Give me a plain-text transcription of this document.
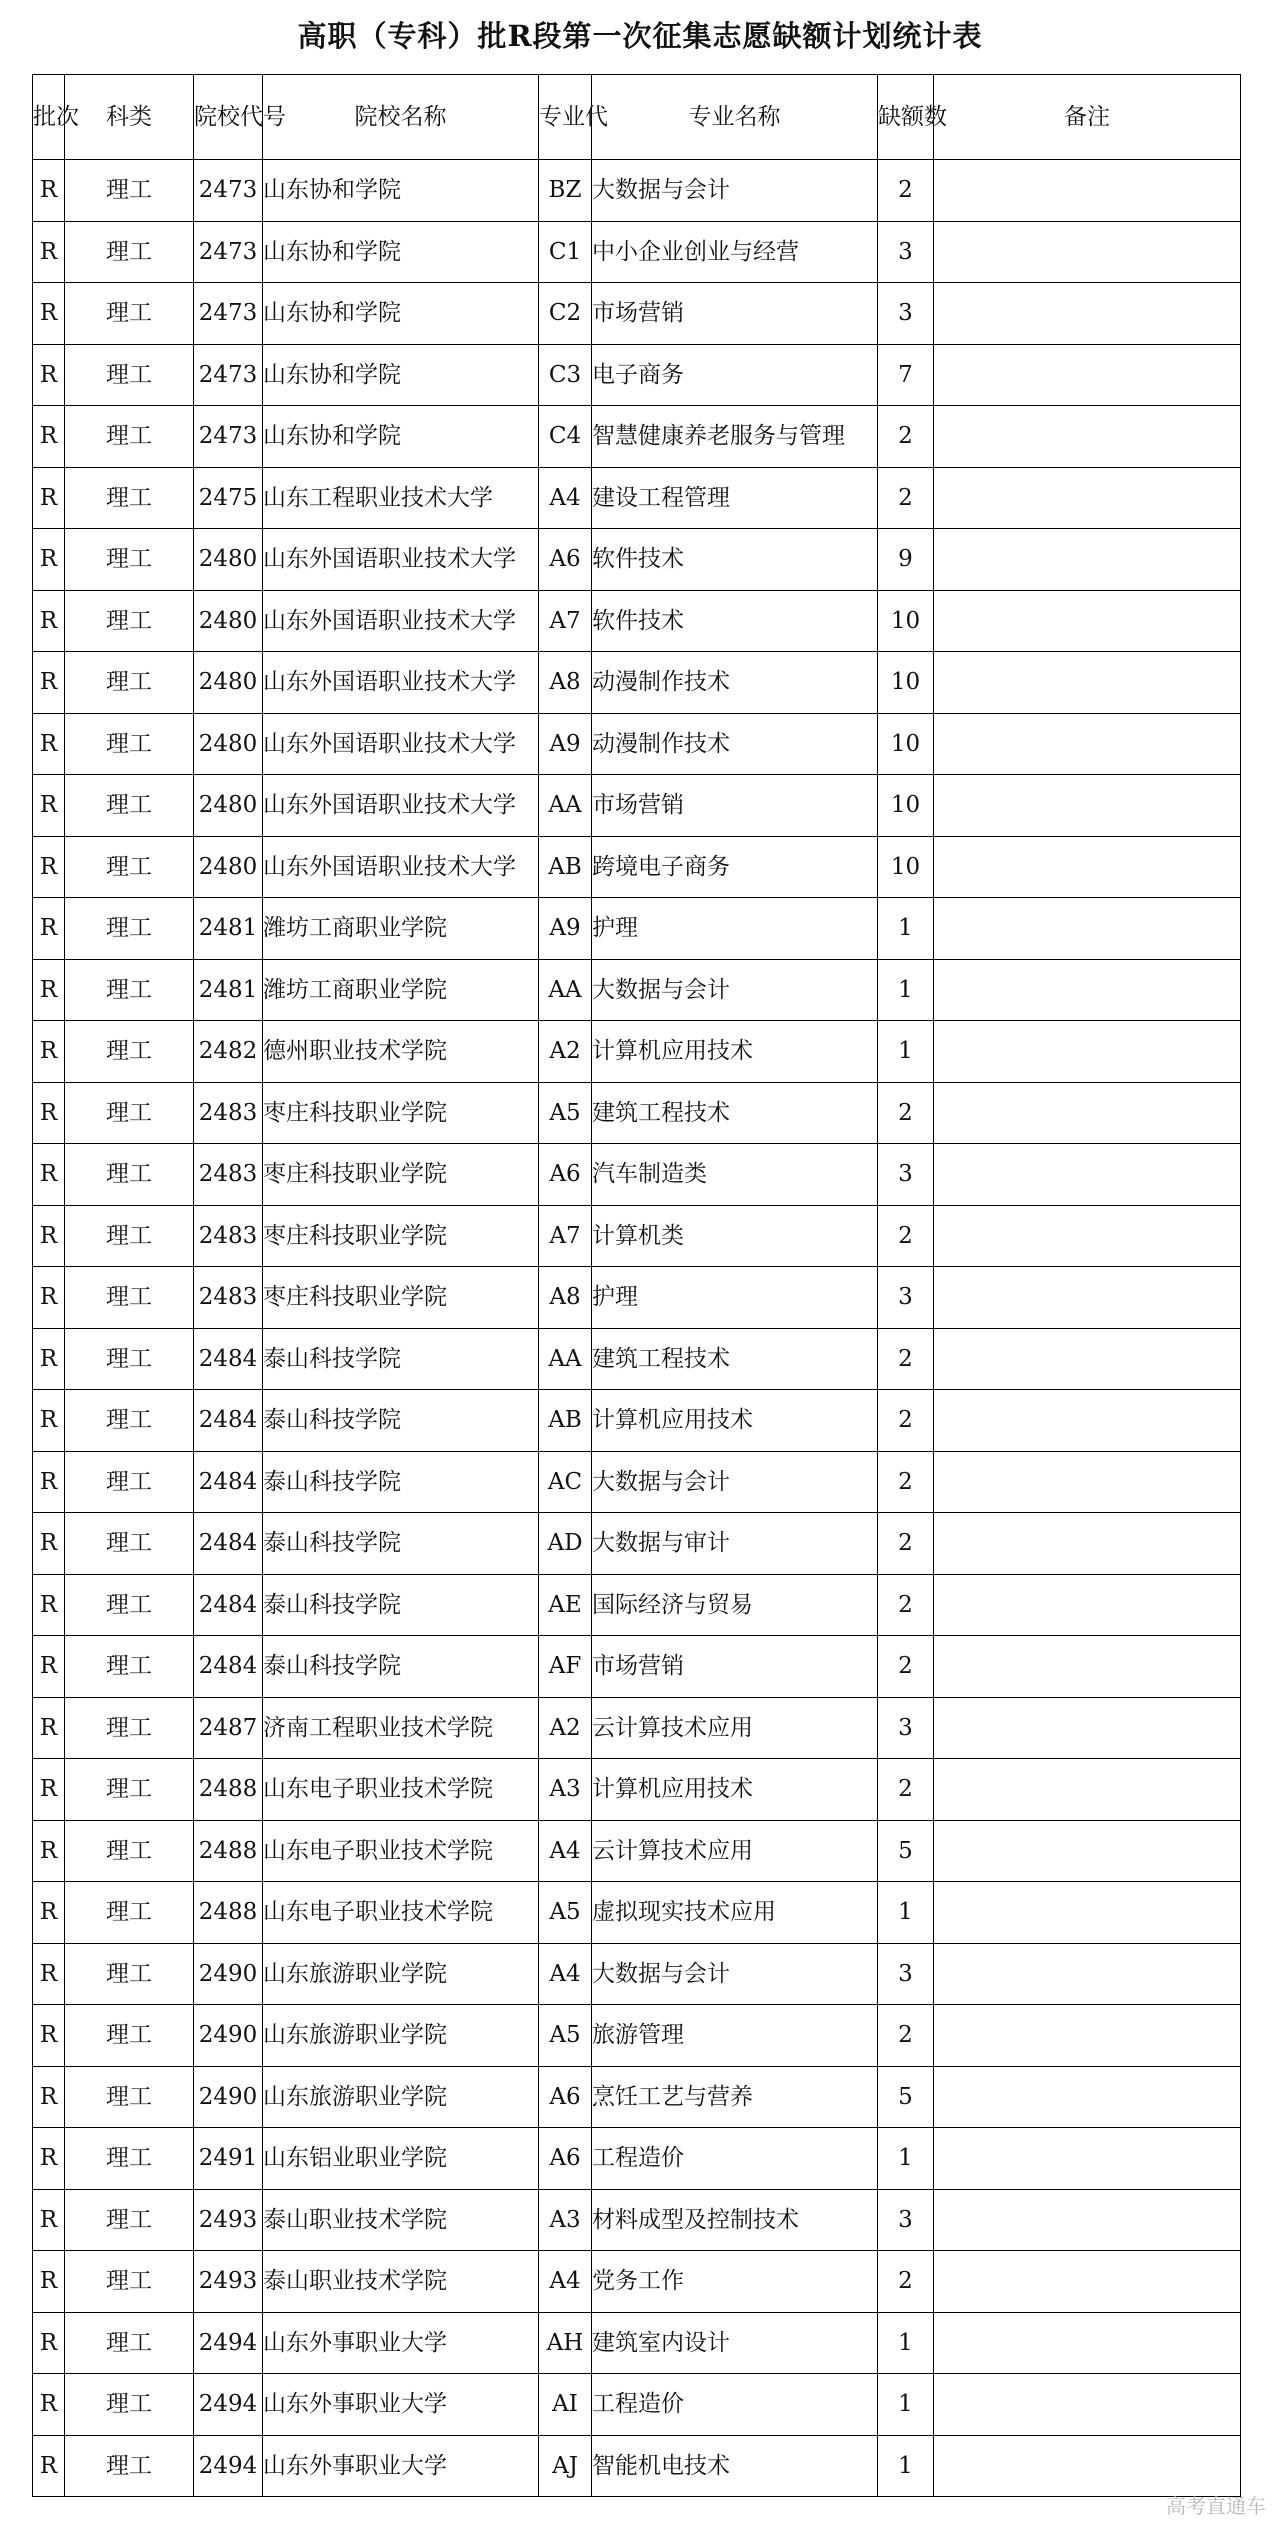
高职（专科）批R段第一次征集志愿缺额计划统计表
批次	科类	院校代号	院校名称	专业代	专业名称	缺额数	备注
R	理工	2473	山东协和学院	BZ	大数据与会计	2	
R	理工	2473	山东协和学院	C1	中小企业创业与经营	3	
R	理工	2473	山东协和学院	C2	市场营销	3	
R	理工	2473	山东协和学院	C3	电子商务	7	
R	理工	2473	山东协和学院	C4	智慧健康养老服务与管理	2	
R	理工	2475	山东工程职业技术大学	A4	建设工程管理	2	
R	理工	2480	山东外国语职业技术大学	A6	软件技术	9	
R	理工	2480	山东外国语职业技术大学	A7	软件技术	10	
R	理工	2480	山东外国语职业技术大学	A8	动漫制作技术	10	
R	理工	2480	山东外国语职业技术大学	A9	动漫制作技术	10	
R	理工	2480	山东外国语职业技术大学	AA	市场营销	10	
R	理工	2480	山东外国语职业技术大学	AB	跨境电子商务	10	
R	理工	2481	潍坊工商职业学院	A9	护理	1	
R	理工	2481	潍坊工商职业学院	AA	大数据与会计	1	
R	理工	2482	德州职业技术学院	A2	计算机应用技术	1	
R	理工	2483	枣庄科技职业学院	A5	建筑工程技术	2	
R	理工	2483	枣庄科技职业学院	A6	汽车制造类	3	
R	理工	2483	枣庄科技职业学院	A7	计算机类	2	
R	理工	2483	枣庄科技职业学院	A8	护理	3	
R	理工	2484	泰山科技学院	AA	建筑工程技术	2	
R	理工	2484	泰山科技学院	AB	计算机应用技术	2	
R	理工	2484	泰山科技学院	AC	大数据与会计	2	
R	理工	2484	泰山科技学院	AD	大数据与审计	2	
R	理工	2484	泰山科技学院	AE	国际经济与贸易	2	
R	理工	2484	泰山科技学院	AF	市场营销	2	
R	理工	2487	济南工程职业技术学院	A2	云计算技术应用	3	
R	理工	2488	山东电子职业技术学院	A3	计算机应用技术	2	
R	理工	2488	山东电子职业技术学院	A4	云计算技术应用	5	
R	理工	2488	山东电子职业技术学院	A5	虚拟现实技术应用	1	
R	理工	2490	山东旅游职业学院	A4	大数据与会计	3	
R	理工	2490	山东旅游职业学院	A5	旅游管理	2	
R	理工	2490	山东旅游职业学院	A6	烹饪工艺与营养	5	
R	理工	2491	山东铝业职业学院	A6	工程造价	1	
R	理工	2493	泰山职业技术学院	A3	材料成型及控制技术	3	
R	理工	2493	泰山职业技术学院	A4	党务工作	2	
R	理工	2494	山东外事职业大学	AH	建筑室内设计	1	
R	理工	2494	山东外事职业大学	AI	工程造价	1	
R	理工	2494	山东外事职业大学	AJ	智能机电技术	1	
高考直通车
